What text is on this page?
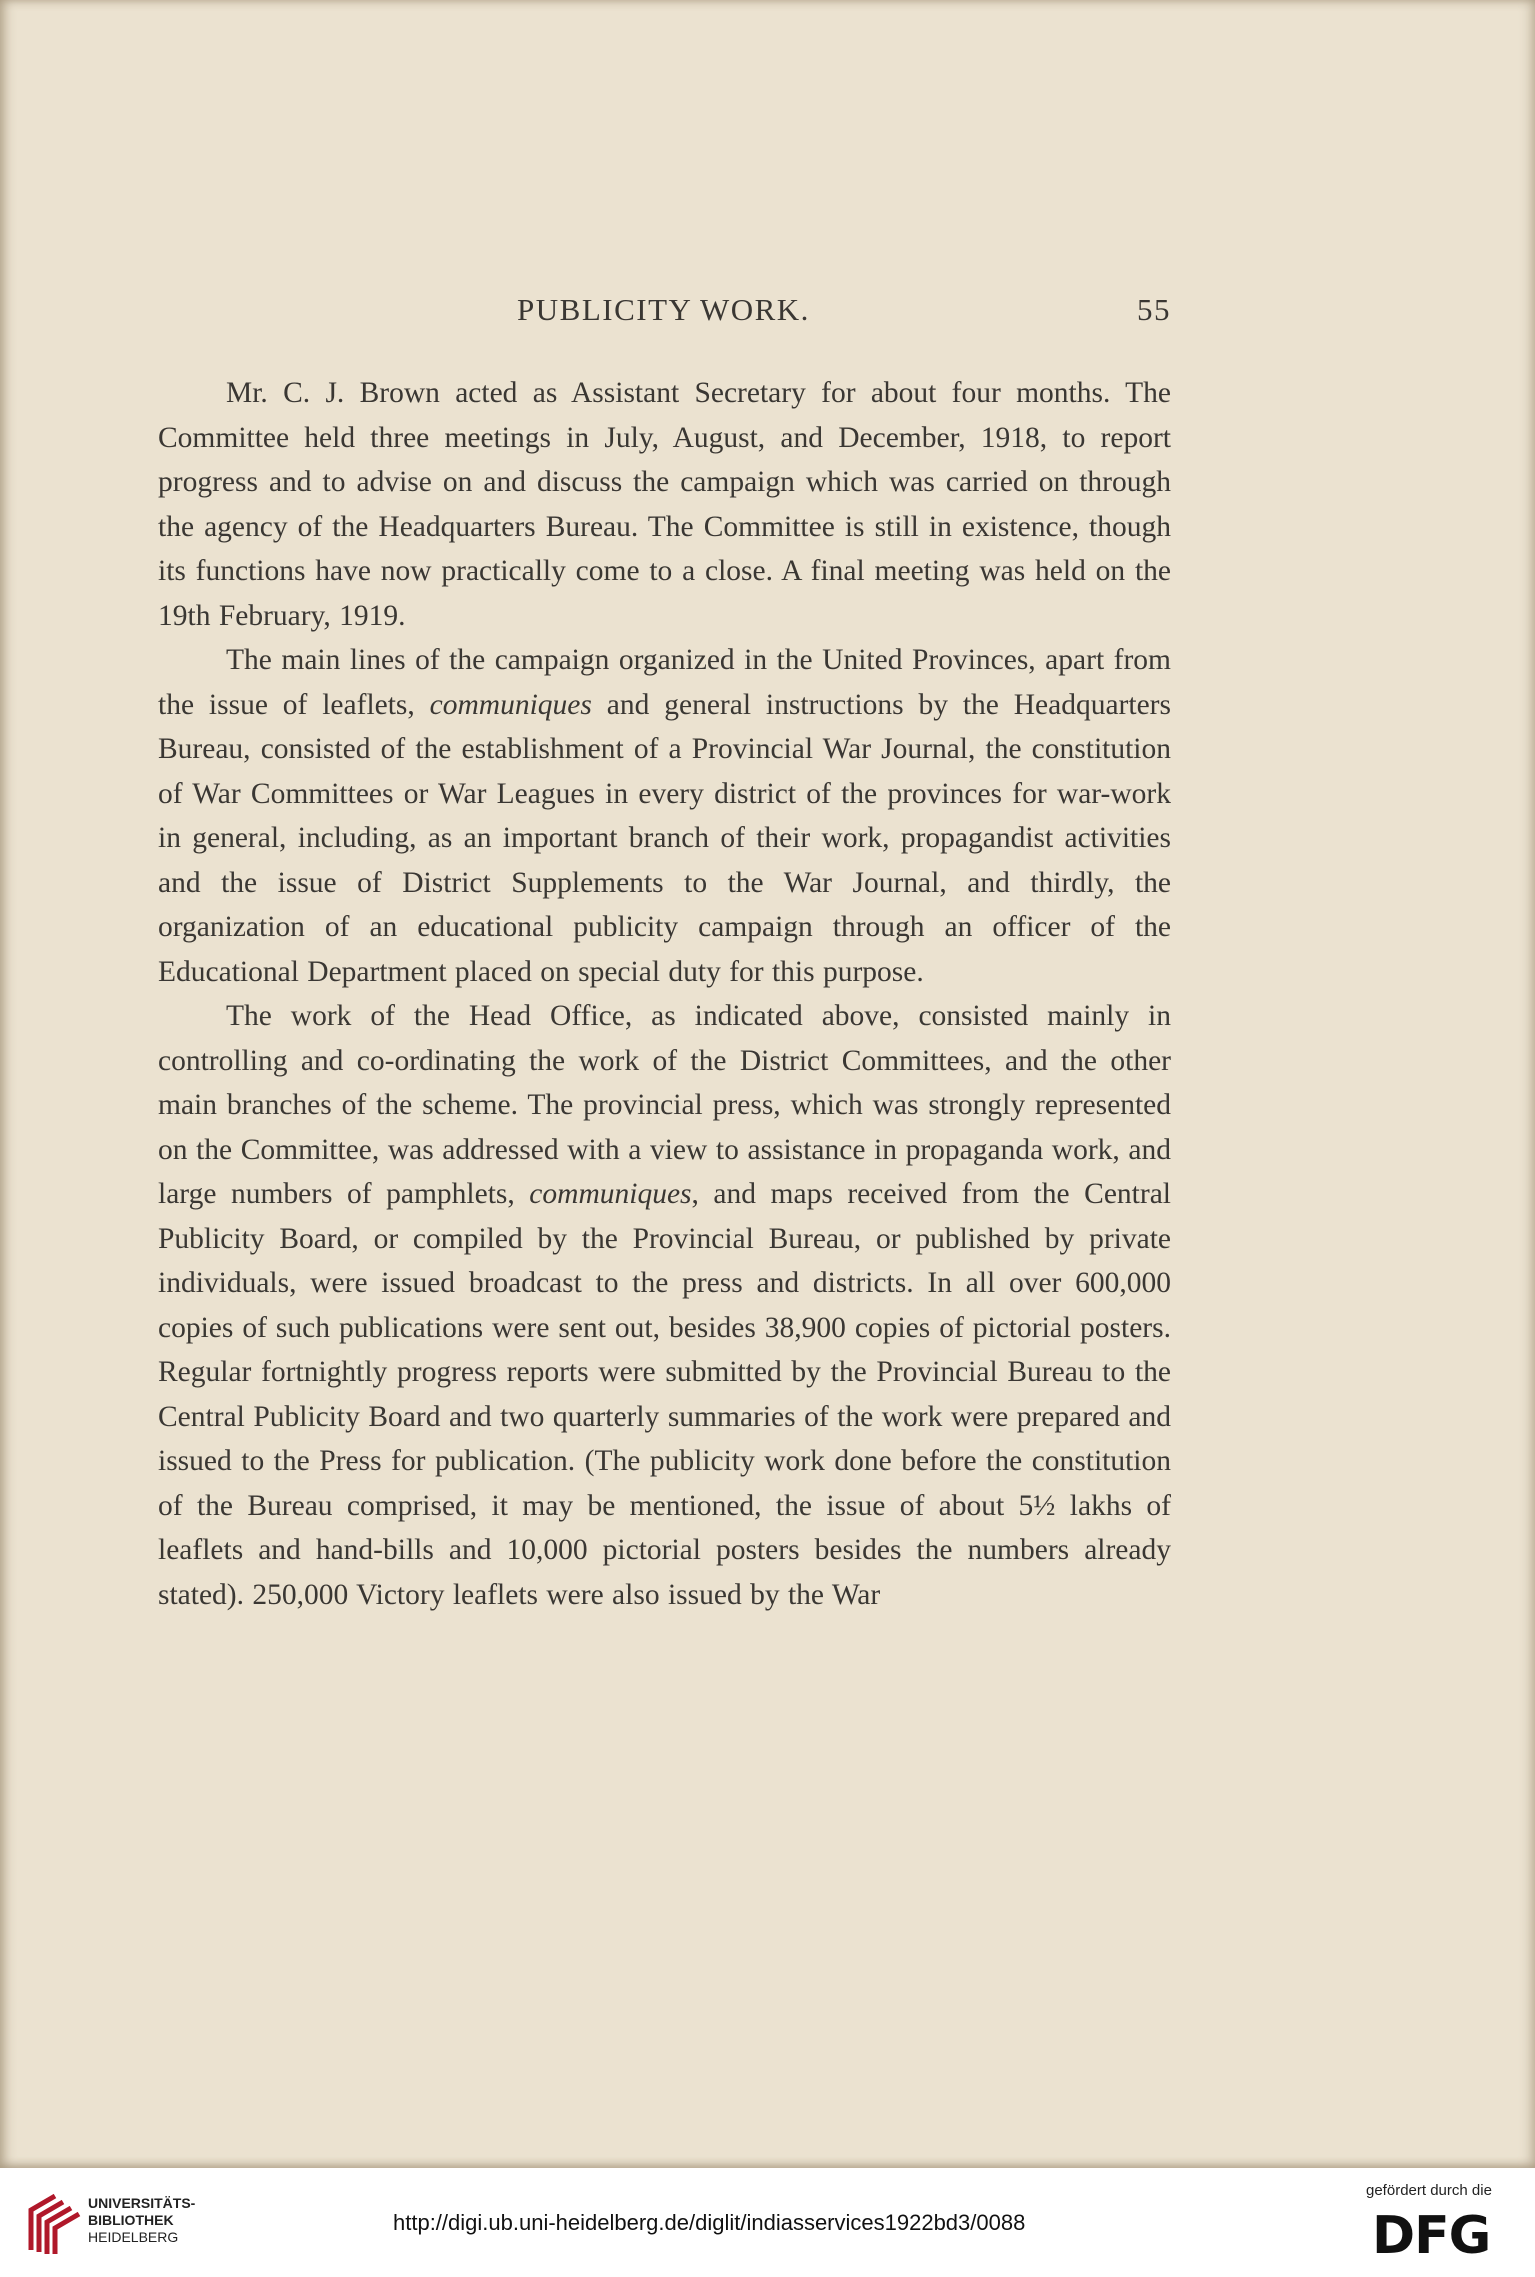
PUBLICITY WORK.	55

Mr. C. J. Brown acted as Assistant Secretary for about four months. The Committee held three meetings in July, August, and December, 1918, to report progress and to advise on and discuss the campaign which was carried on through the agency of the Headquarters Bureau. The Committee is still in existence, though its functions have now practically come to a close. A final meeting was held on the 19th February, 1919.

The main lines of the campaign organized in the United Provinces, apart from the issue of leaflets, communiques and general instructions by the Headquarters Bureau, consisted of the establishment of a Provincial War Journal, the constitution of War Committees or War Leagues in every district of the provinces for war-work in general, including, as an important branch of their work, propagandist activities and the issue of District Supplements to the War Journal, and thirdly, the organization of an educational publicity campaign through an officer of the Educational Department placed on special duty for this purpose.

The work of the Head Office, as indicated above, consisted mainly in controlling and co-ordinating the work of the District Committees, and the other main branches of the scheme. The provincial press, which was strongly represented on the Committee, was addressed with a view to assistance in propaganda work, and large numbers of pamphlets, communiques, and maps received from the Central Publicity Board, or compiled by the Provincial Bureau, or published by private individuals, were issued broadcast to the press and districts. In all over 600,000 copies of such publications were sent out, besides 38,900 copies of pictorial posters. Regular fortnightly progress reports were submitted by the Provincial Bureau to the Central Publicity Board and two quarterly summaries of the work were prepared and issued to the Press for publication. (The publicity work done before the constitution of the Bureau comprised, it may be mentioned, the issue of about 5½ lakhs of leaflets and hand-bills and 10,000 pictorial posters besides the numbers already stated). 250,000 Victory leaflets were also issued by the War

UNIVERSITÄTS-
BIBLIOTHEK
HEIDELBERG
http://digi.ub.uni-heidelberg.de/diglit/indiasservices1922bd3/0088
gefördert durch die
DFG
